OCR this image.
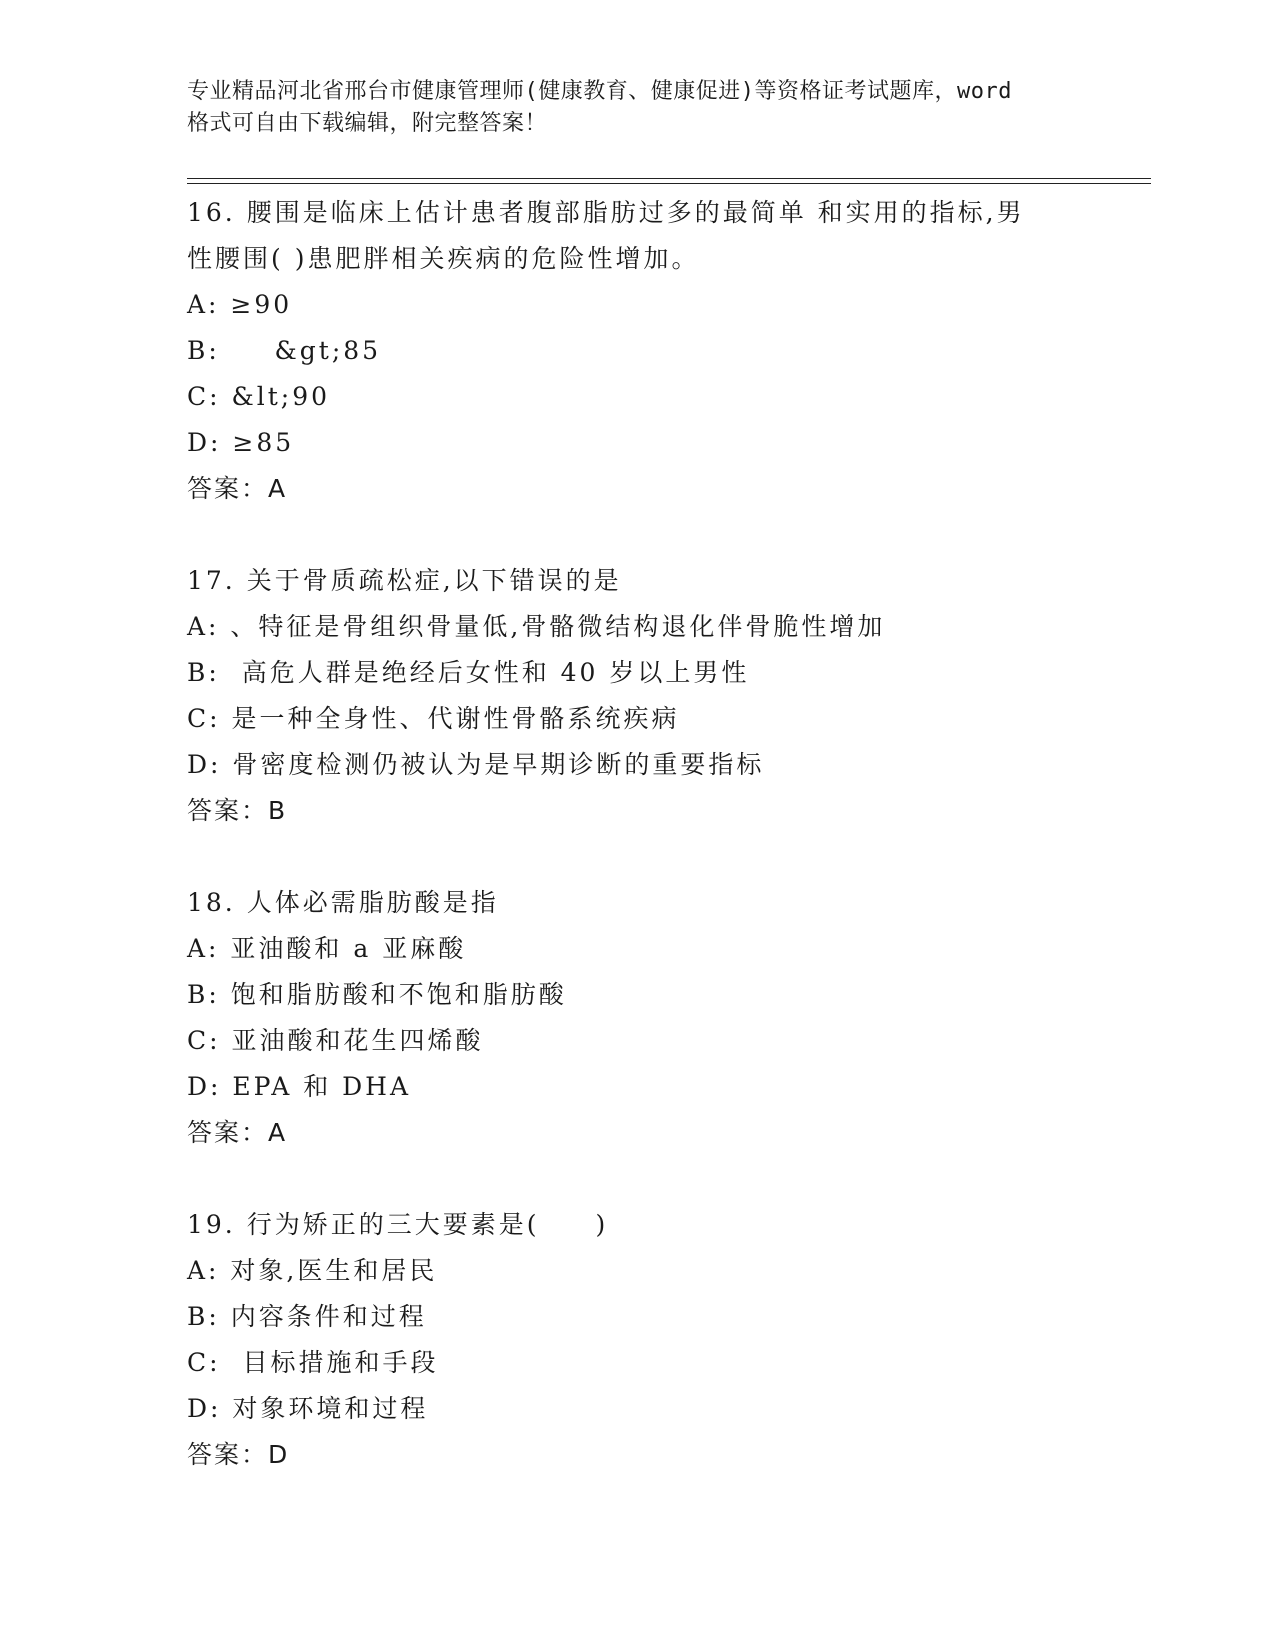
专业精品河北省邢台市健康管理师(健康教育、健康促进)等资格证考试题库，word
格式可自由下载编辑，附完整答案！
16. 腰围是临床上估计患者腹部脂肪过多的最简单 和实用的指标,男
性腰围( )患肥胖相关疾病的危险性增加。
A: ≥90
B:     &gt;85
C: &lt;90
D: ≥85
答案：A
17. 关于骨质疏松症,以下错误的是
A: 、特征是骨组织骨量低,骨骼微结构退化伴骨脆性增加
B:  高危人群是绝经后女性和 40 岁以上男性
C: 是一种全身性、代谢性骨骼系统疾病
D: 骨密度检测仍被认为是早期诊断的重要指标
答案：B
18. 人体必需脂肪酸是指
A: 亚油酸和 a 亚麻酸
B: 饱和脂肪酸和不饱和脂肪酸
C: 亚油酸和花生四烯酸
D: EPA 和 DHA
答案：A
19. 行为矫正的三大要素是(　　)
A: 对象,医生和居民
B: 内容条件和过程
C:  目标措施和手段
D: 对象环境和过程
答案：D
